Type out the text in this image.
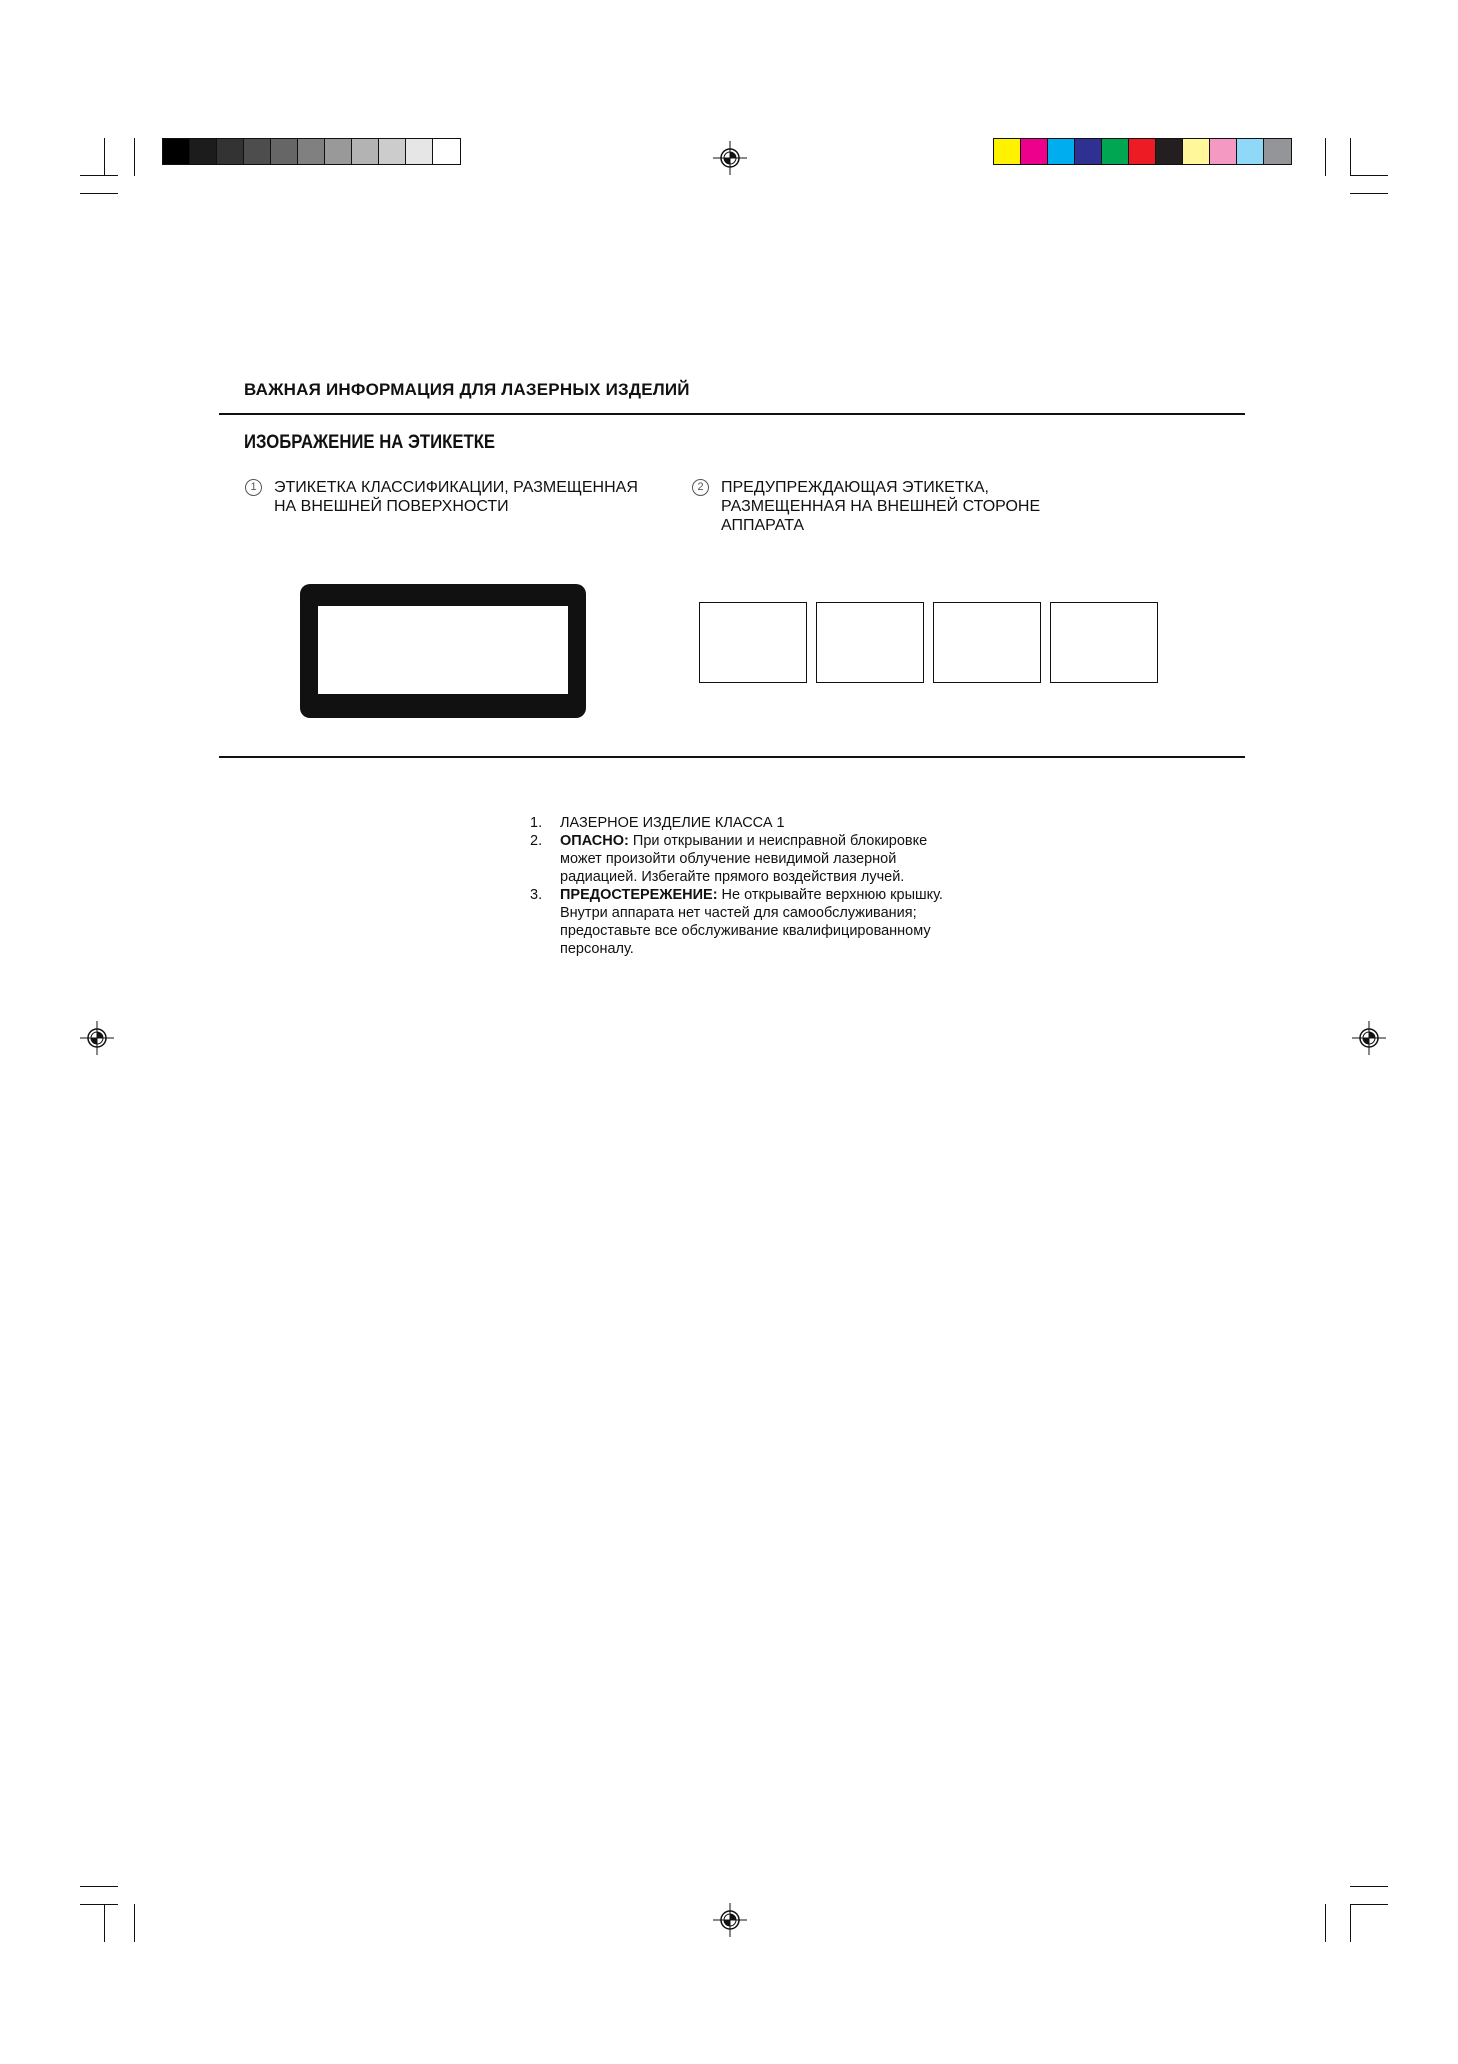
ВАЖНАЯ ИНФОРМАЦИЯ ДЛЯ ЛАЗЕРНЫХ ИЗДЕЛИЙ
ИЗОБРАЖЕНИЕ НА ЭТИКЕТКЕ
1	ЭТИКЕТКА КЛАССИФИКАЦИИ, РАЗМЕЩЕННАЯ
НА ВНЕШНЕЙ ПОВЕРХНОСТИ
2	ПРЕДУПРЕЖДАЮЩАЯ ЭТИКЕТКА,
РАЗМЕЩЕННАЯ НА ВНЕШНЕЙ СТОРОНЕ
АППАРАТА

1. ЛАЗЕРНОЕ ИЗДЕЛИЕ КЛАССА 1

2. ОПАСНО: При открывании и неисправной блокировке может произойти облучение невидимой лазерной радиацией. Избегайте прямого воздействия лучей.

3. ПРЕДОСТЕРЕЖЕНИЕ: Не открывайте верхнюю крышку. Внутри аппарата нет частей для самообслуживания; предоставьте все обслуживание квалифицированному персоналу.
